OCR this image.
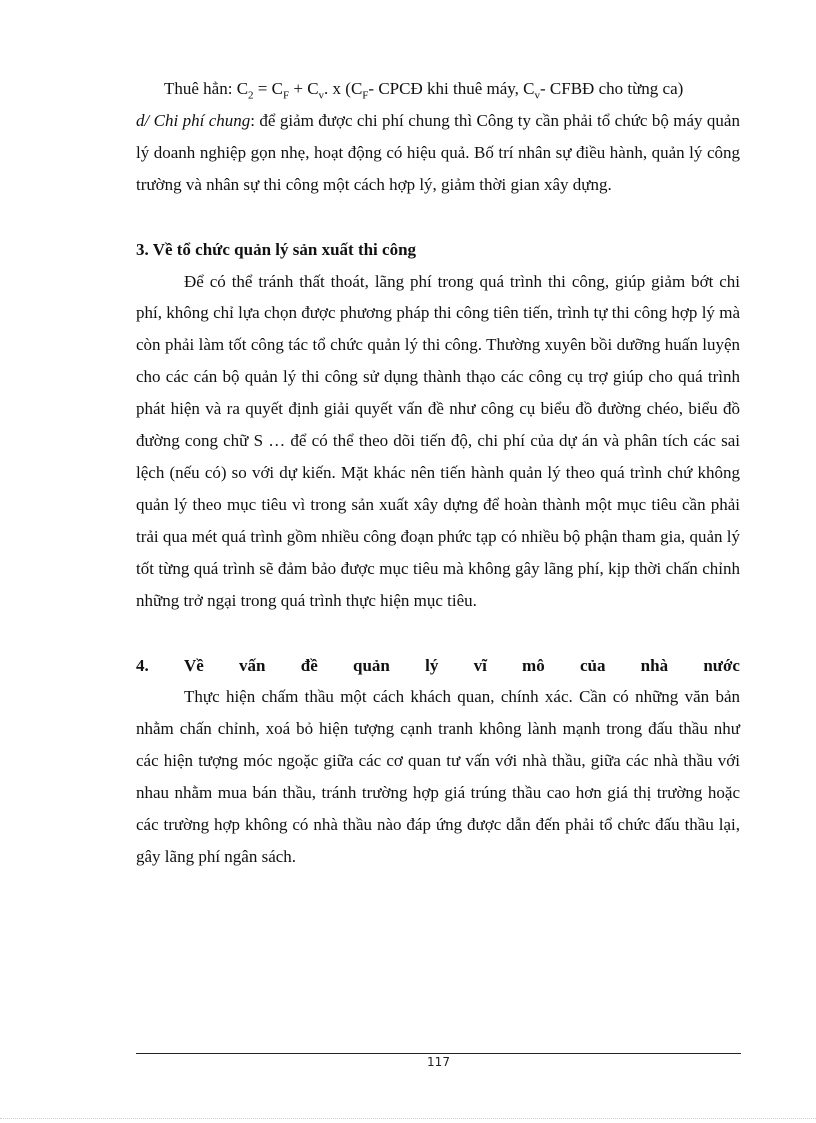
Thuê hẳn: $C_2 = C_F + C_v$. x ($C_F-$ CPCĐ khi thuê máy, $C_v-$ CFBĐ cho từng ca)

d/ Chi phí chung: để giảm được chi phí chung thì Công ty cần phải tổ chức bộ máy quản lý doanh nghiệp gọn nhẹ, hoạt động có hiệu quả. Bố trí nhân sự điều hành, quản lý công trường và nhân sự thi công một cách hợp lý, giảm thời gian xây dựng.

3. Về tổ chức quản lý sản xuất thi công

Để có thể tránh thất thoát, lãng phí trong quá trình thi công, giúp giảm bớt chi phí, không chỉ lựa chọn được phương pháp thi công tiên tiến, trình tự thi công hợp lý mà còn phải làm tốt công tác tổ chức quản lý thi công. Thường xuyên bồi dưỡng huấn luyện cho các cán bộ quản lý thi công sử dụng thành thạo các công cụ trợ giúp cho quá trình phát hiện và ra quyết định giải quyết vấn đề như công cụ biểu đồ đường chéo, biểu đồ đường cong chữ S … để có thể theo dõi tiến độ, chi phí của dự án và phân tích các sai lệch (nếu có) so với dự kiến. Mặt khác nên tiến hành quản lý theo quá trình chứ không quản lý theo mục tiêu vì trong sản xuất xây dựng để hoàn thành một mục tiêu cần phải trải qua mét quá trình gồm nhiều công đoạn phức tạp có nhiều bộ phận tham gia, quản lý tốt từng quá trình sẽ đảm bảo được mục tiêu mà không gây lãng phí, kịp thời chấn chỉnh những trở ngại trong quá trình thực hiện mục tiêu.

4. Về vấn đề quản lý vĩ mô của nhà nước

Thực hiện chấm thầu một cách khách quan, chính xác. Cần có những văn bản nhằm chấn chỉnh, xoá bỏ hiện tượng cạnh tranh không lành mạnh trong đấu thầu như các hiện tượng móc ngoặc giữa các cơ quan tư vấn với nhà thầu, giữa các nhà thầu với nhau nhằm mua bán thầu, tránh trường hợp giá trúng thầu cao hơn giá thị trường hoặc các trường hợp không có nhà thầu nào đáp ứng được dẫn đến phải tổ chức đấu thầu lại, gây lãng phí ngân sách.

117
